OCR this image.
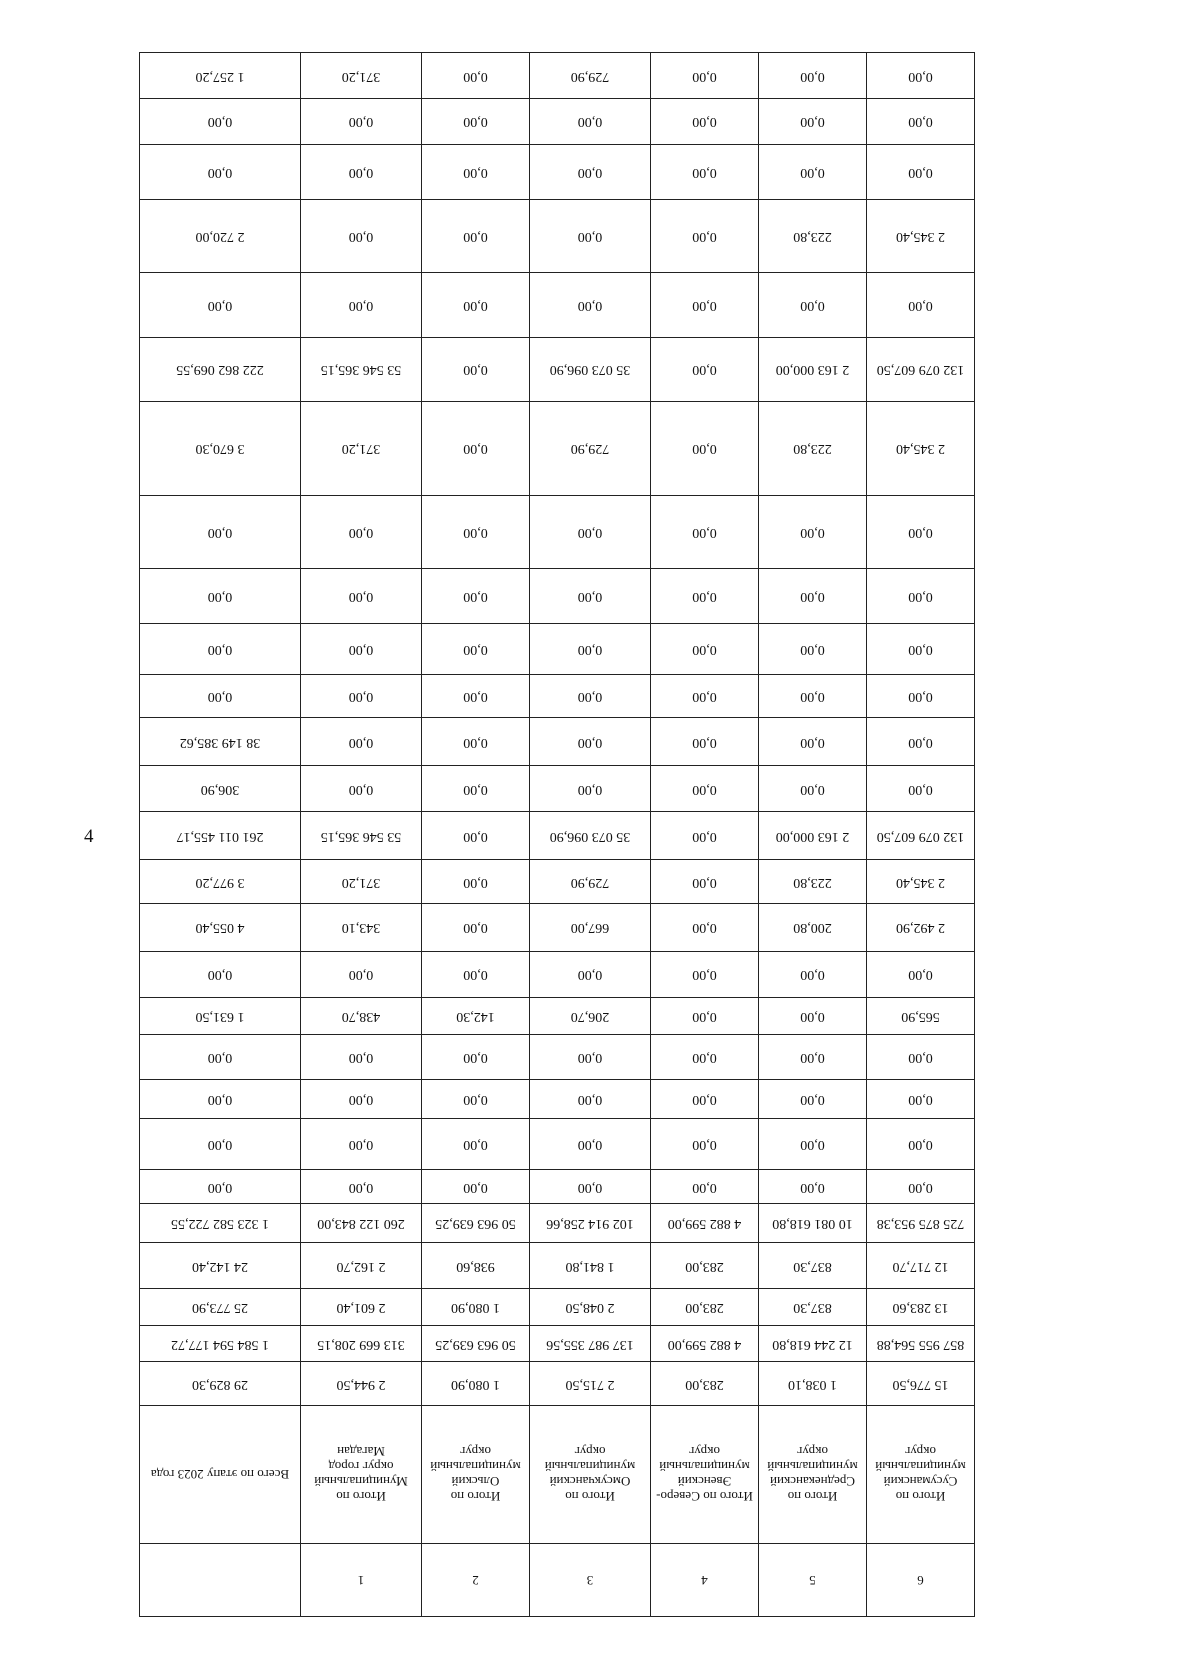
4
6	5	4	3	2	1	
Итого по Сусуманский муниципальный округ	Итого по Среднеканский муниципальный округ	Итого по Северо-Эвенский муниципальный округ	Итого по Омсукчанский муниципальный округ	Итого по Ольский муниципальный округ	Итого по Муниципальный округ город Магадан	Всего по этапу 2023 года
15 776,50	1 038,10	283,00	2 715,50	1 080,90	2 944,50	29 829,30
857 955 564,88	12 244 618,80	4 882 599,00	137 987 355,56	50 963 639,25	313 669 208,15	1 584 594 177,72
13 283,60	837,30	283,00	2 048,50	1 080,90	2 601,40	25 773,90
12 717,70	837,30	283,00	1 841,80	938,60	2 162,70	24 142,40
725 875 953,38	10 081 618,80	4 882 599,00	102 914 258,66	50 963 639,25	260 122 843,00	1 323 582 722,55
0,00	0,00	0,00	0,00	0,00	0,00	0,00
0,00	0,00	0,00	0,00	0,00	0,00	0,00
0,00	0,00	0,00	0,00	0,00	0,00	0,00
0,00	0,00	0,00	0,00	0,00	0,00	0,00
565,90	0,00	0,00	206,70	142,30	438,70	1 631,50
0,00	0,00	0,00	0,00	0,00	0,00	0,00
2 492,90	200,80	0,00	667,00	0,00	343,10	4 055,40
2 345,40	223,80	0,00	729,90	0,00	371,20	3 977,20
132 079 607,50	2 163 000,00	0,00	35 073 096,90	0,00	53 546 365,15	261 011 455,17
0,00	0,00	0,00	0,00	0,00	0,00	306,90
0,00	0,00	0,00	0,00	0,00	0,00	38 149 385,62
0,00	0,00	0,00	0,00	0,00	0,00	0,00
0,00	0,00	0,00	0,00	0,00	0,00	0,00
0,00	0,00	0,00	0,00	0,00	0,00	0,00
0,00	0,00	0,00	0,00	0,00	0,00	0,00
2 345,40	223,80	0,00	729,90	0,00	371,20	3 670,30
132 079 607,50	2 163 000,00	0,00	35 073 096,90	0,00	53 546 365,15	222 862 069,55
0,00	0,00	0,00	0,00	0,00	0,00	0,00
2 345,40	223,80	0,00	0,00	0,00	0,00	2 720,00
0,00	0,00	0,00	0,00	0,00	0,00	0,00
0,00	0,00	0,00	0,00	0,00	0,00	0,00
0,00	0,00	0,00	729,90	0,00	371,20	1 257,20
